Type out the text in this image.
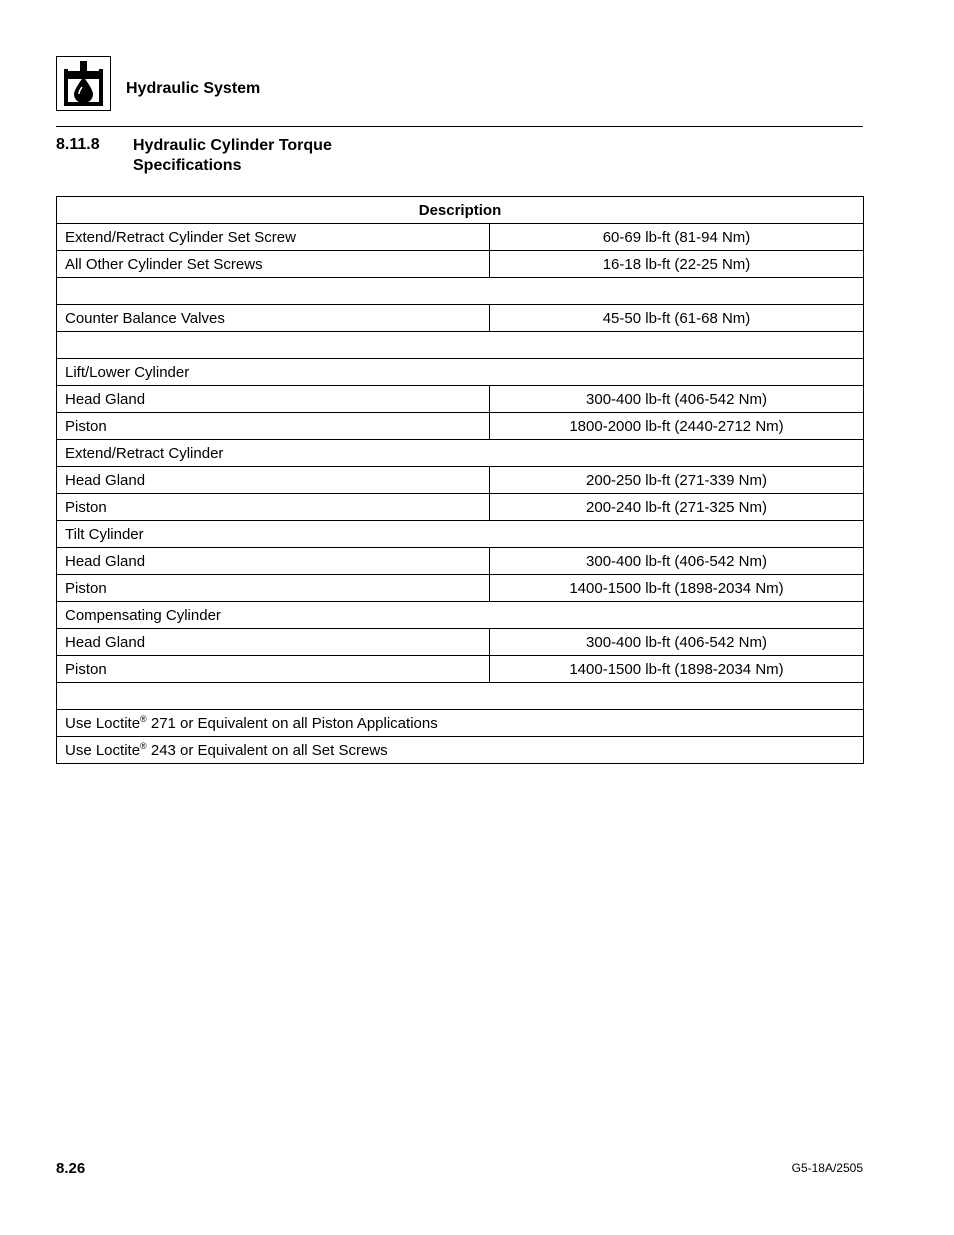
Hydraulic System
8.11.8 Hydraulic Cylinder Torque
Specifications
Description	
Extend/Retract Cylinder Set Screw	60-69 lb-ft (81-94 Nm)
All Other Cylinder Set Screws	16-18 lb-ft (22-25 Nm)

Counter Balance Valves	45-50 lb-ft (61-68 Nm)

Lift/Lower Cylinder	
Head Gland	300-400 lb-ft (406-542 Nm)
Piston	1800-2000 lb-ft (2440-2712 Nm)
Extend/Retract Cylinder	
Head Gland	200-250 lb-ft (271-339 Nm)
Piston	200-240 lb-ft (271-325 Nm)
Tilt Cylinder	
Head Gland	300-400 lb-ft (406-542 Nm)
Piston	1400-1500 lb-ft (1898-2034 Nm)
Compensating Cylinder	
Head Gland	300-400 lb-ft (406-542 Nm)
Piston	1400-1500 lb-ft (1898-2034 Nm)

Use Loctite® 271 or Equivalent on all Piston Applications	
Use Loctite® 243 or Equivalent on all Set Screws	
8.26	G5-18A/2505
